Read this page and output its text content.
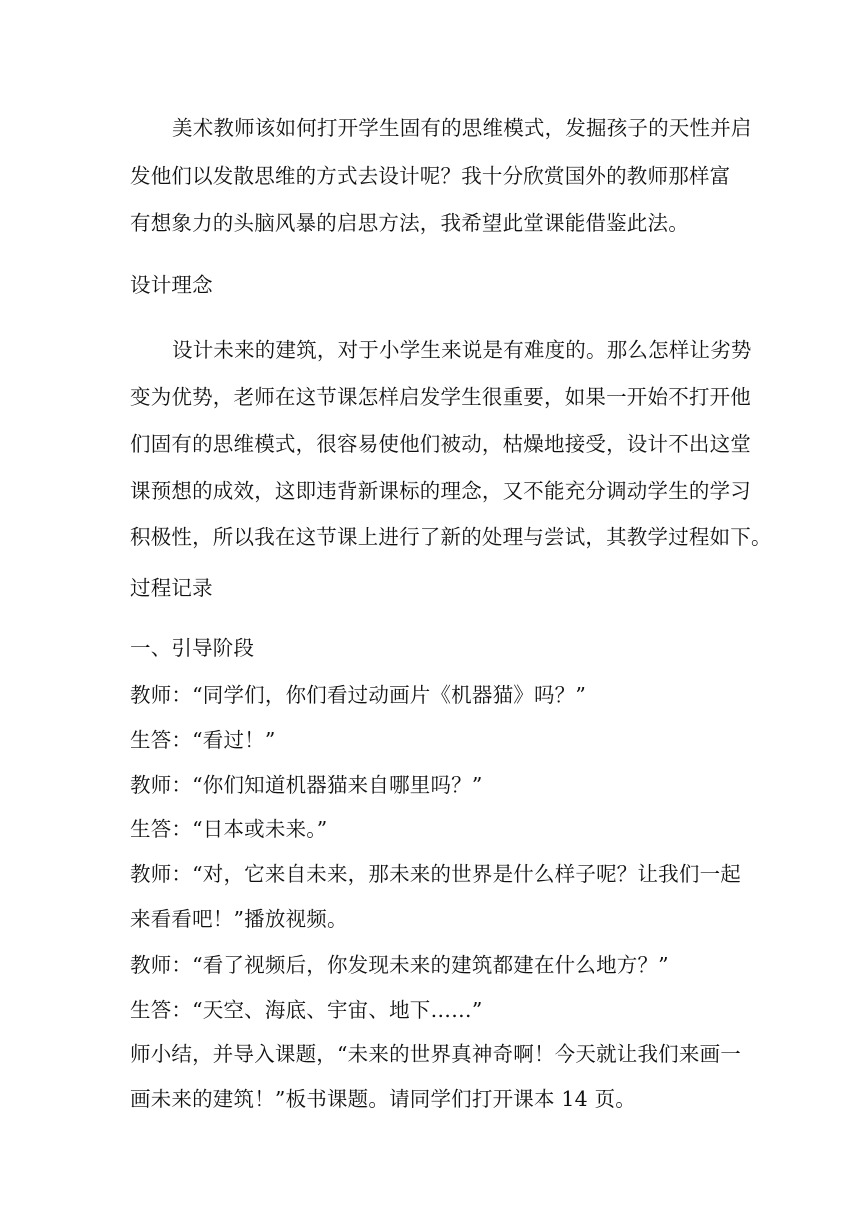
美术教师该如何打开学生固有的思维模式，发掘孩子的天性并启
发他们以发散思维的方式去设计呢？我十分欣赏国外的教师那样富
有想象力的头脑风暴的启思方法，我希望此堂课能借鉴此法。
设计理念
设计未来的建筑，对于小学生来说是有难度的。那么怎样让劣势
变为优势，老师在这节课怎样启发学生很重要，如果一开始不打开他
们固有的思维模式，很容易使他们被动，枯燥地接受，设计不出这堂
课预想的成效，这即违背新课标的理念，又不能充分调动学生的学习
积极性，所以我在这节课上进行了新的处理与尝试，其教学过程如下。
过程记录
一、引导阶段
教师：“同学们，你们看过动画片《机器猫》吗？”
生答：“看过！”
教师：“你们知道机器猫来自哪里吗？”
生答：“日本或未来。”
教师：“对，它来自未来，那未来的世界是什么样子呢？让我们一起
来看看吧！”播放视频。
教师：“看了视频后，你发现未来的建筑都建在什么地方？”
生答：“天空、海底、宇宙、地下……”
师小结，并导入课题，“未来的世界真神奇啊！今天就让我们来画一
画未来的建筑！”板书课题。请同学们打开课本 14 页。
